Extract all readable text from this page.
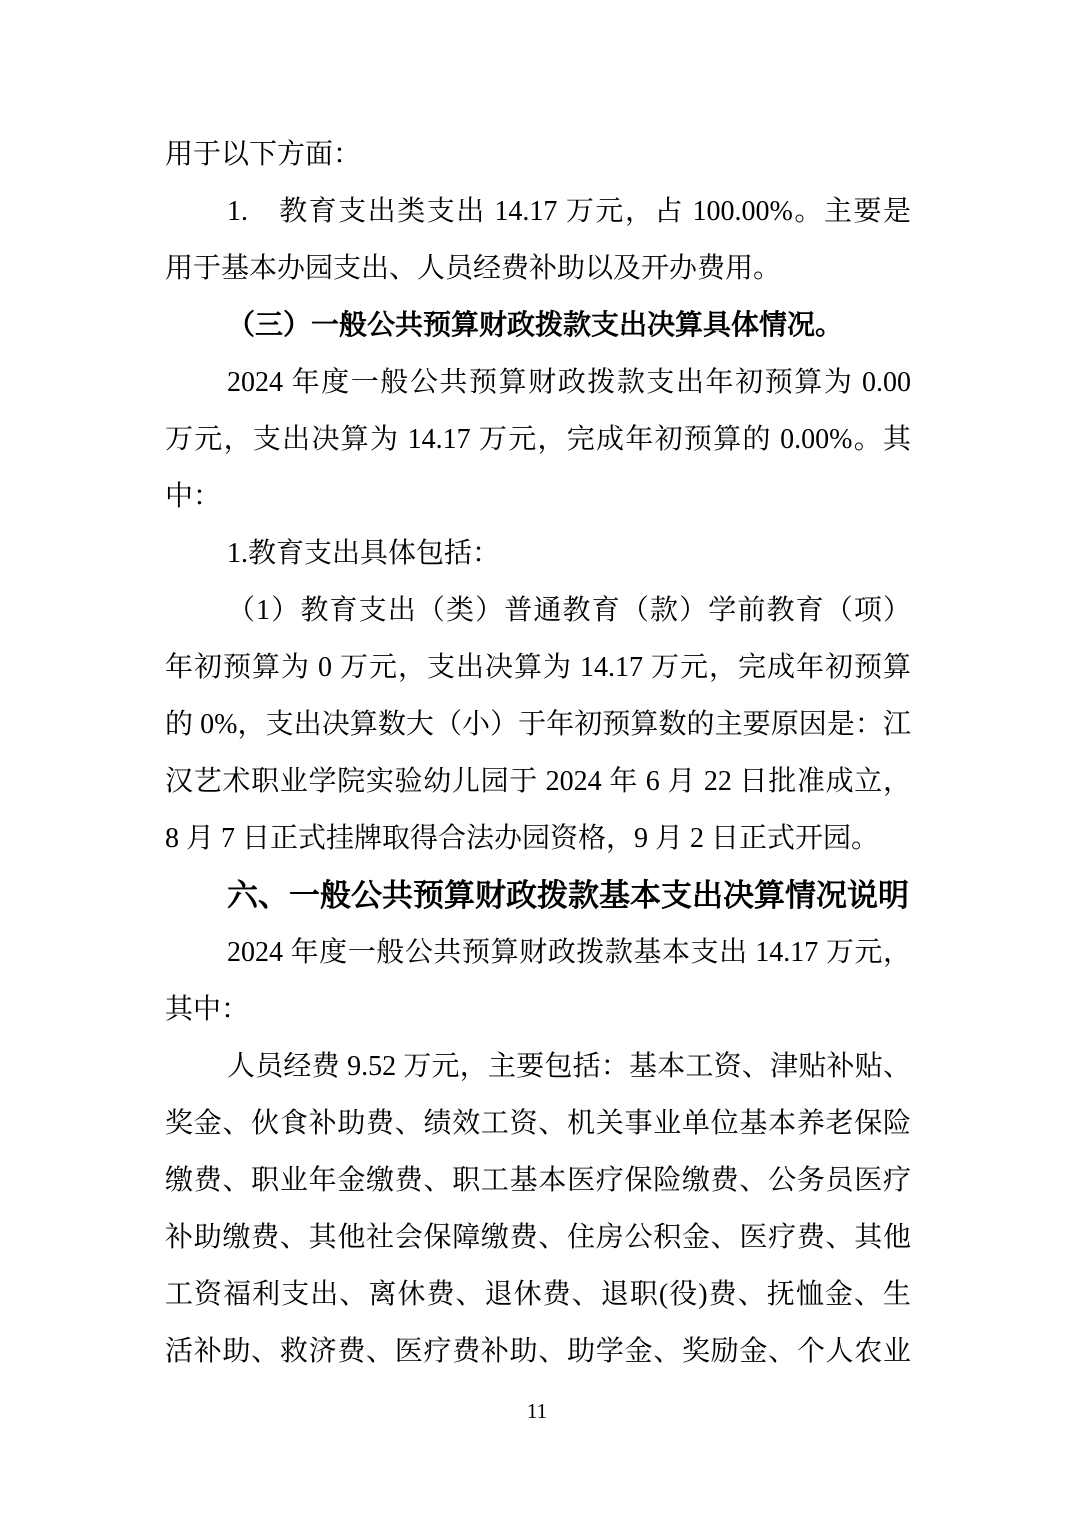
用于以下方面：
1.　教育支出类支出 14.17 万元，占 100.00%。主要是
用于基本办园支出、人员经费补助以及开办费用。
（三）一般公共预算财政拨款支出决算具体情况。
2024 年度一般公共预算财政拨款支出年初预算为 0.00
万元，支出决算为 14.17 万元，完成年初预算的 0.00%。其
中：
1.教育支出具体包括：
（1）教育支出（类）普通教育（款）学前教育（项）
年初预算为 0 万元，支出决算为 14.17 万元，完成年初预算
的 0%，支出决算数大（小）于年初预算数的主要原因是：江
汉艺术职业学院实验幼儿园于 2024 年 6 月 22 日批准成立，
8 月 7 日正式挂牌取得合法办园资格，9 月 2 日正式开园。
六、一般公共预算财政拨款基本支出决算情况说明
2024 年度一般公共预算财政拨款基本支出 14.17 万元，
其中：
人员经费 9.52 万元，主要包括：基本工资、津贴补贴、
奖金、伙食补助费、绩效工资、机关事业单位基本养老保险
缴费、职业年金缴费、职工基本医疗保险缴费、公务员医疗
补助缴费、其他社会保障缴费、住房公积金、医疗费、其他
工资福利支出、离休费、退休费、退职(役)费、抚恤金、生
活补助、救济费、医疗费补助、助学金、奖励金、个人农业
11
